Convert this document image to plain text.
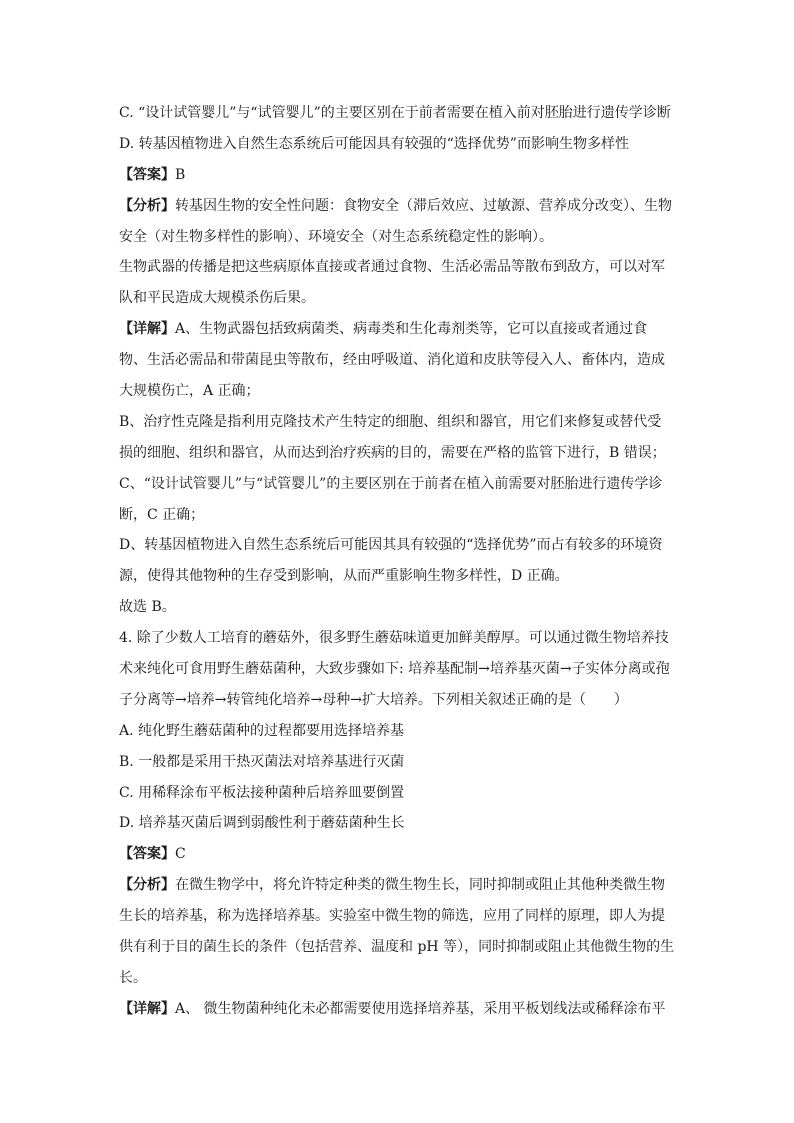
C. “设计试管婴儿”与“试管婴儿”的主要区别在于前者需要在植入前对胚胎进行遗传学诊断
D. 转基因植物进入自然生态系统后可能因具有较强的“选择优势”而影响生物多样性
【答案】B
【分析】转基因生物的安全性问题：食物安全（滞后效应、过敏源、营养成分改变）、生物
安全（对生物多样性的影响）、环境安全（对生态系统稳定性的影响）。
生物武器的传播是把这些病原体直接或者通过食物、生活必需品等散布到敌方，可以对军
队和平民造成大规模杀伤后果。
【详解】A、生物武器包括致病菌类、病毒类和生化毒剂类等，它可以直接或者通过食
物、生活必需品和带菌昆虫等散布，经由呼吸道、消化道和皮肤等侵入人、畜体内，造成
大规模伤亡，A 正确；
B、治疗性克隆是指利用克隆技术产生特定的细胞、组织和器官，用它们来修复或替代受
损的细胞、组织和器官，从而达到治疗疾病的目的，需要在严格的监管下进行，B 错误；
C、“设计试管婴儿”与“试管婴儿”的主要区别在于前者在植入前需要对胚胎进行遗传学诊
断，C 正确；
D、转基因植物进入自然生态系统后可能因其具有较强的“选择优势”而占有较多的环境资
源，使得其他物种的生存受到影响，从而严重影响生物多样性，D 正确。
故选 B。
4. 除了少数人工培育的蘑菇外，很多野生蘑菇味道更加鲜美醇厚。可以通过微生物培养技
术来纯化可食用野生蘑菇菌种，大致步骤如下: 培养基配制→培养基灭菌→子实体分离或孢
子分离等→培养→转管纯化培养→母种→扩大培养。下列相关叙述正确的是（　　）
A. 纯化野生蘑菇菌种的过程都要用选择培养基
B. 一般都是采用干热灭菌法对培养基进行灭菌
C. 用稀释涂布平板法接种菌种后培养皿要倒置
D. 培养基灭菌后调到弱酸性利于蘑菇菌种生长
【答案】C
【分析】在微生物学中，将允许特定种类的微生物生长，同时抑制或阻止其他种类微生物
生长的培养基，称为选择培养基。实验室中微生物的筛选，应用了同样的原理，即人为提
供有利于目的菌生长的条件（包括营养、温度和 pH 等），同时抑制或阻止其他微生物的生
长。
【详解】A、 微生物菌种纯化未必都需要使用选择培养基，采用平板划线法或稀释涂布平
